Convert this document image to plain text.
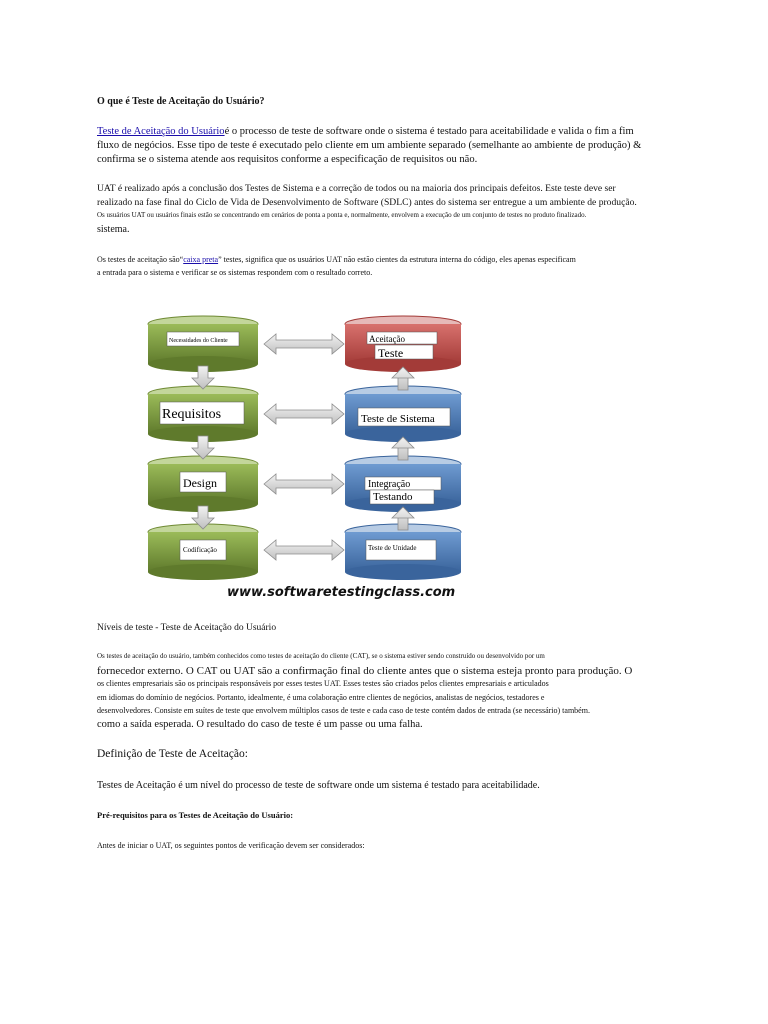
O que é Teste de Aceitação do Usuário?

Teste de Aceitação do Usuárioé o processo de teste de software onde o sistema é testado para aceitabilidade e valida o fim a fim

fluxo de negócios. Esse tipo de teste é executado pelo cliente em um ambiente separado (semelhante ao ambiente de produção) &

confirma se o sistema atende aos requisitos conforme a especificação de requisitos ou não.

UAT é realizado após a conclusão dos Testes de Sistema e a correção de todos ou na maioria dos principais defeitos. Este teste deve ser

realizado na fase final do Ciclo de Vida de Desenvolvimento de Software (SDLC) antes do sistema ser entregue a um ambiente de produção.

Os usuários UAT ou usuários finais estão se concentrando em cenários de ponta a ponta e, normalmente, envolvem a execução de um conjunto de testes no produto finalizado.

sistema.

Os testes de aceitação são“caixa preta” testes, significa que os usuários UAT não estão cientes da estrutura interna do código, eles apenas especificam

a entrada para o sistema e verificar se os sistemas respondem com o resultado correto.

Necessidades do Cliente
Requisitos
Design
Codificação
Aceitação
Teste
Teste de Sistema
Integração
Testando
Teste de Unidade
www.softwaretestingclass.com

Níveis de teste - Teste de Aceitação do Usuário

Os testes de aceitação do usuário, também conhecidos como testes de aceitação do cliente (CAT), se o sistema estiver sendo construído ou desenvolvido por um

fornecedor externo. O CAT ou UAT são a confirmação final do cliente antes que o sistema esteja pronto para produção. O

os clientes empresariais são os principais responsáveis por esses testes UAT. Esses testes são criados pelos clientes empresariais e articulados

em idiomas do domínio de negócios. Portanto, idealmente, é uma colaboração entre clientes de negócios, analistas de negócios, testadores e

desenvolvedores. Consiste em suítes de teste que envolvem múltiplos casos de teste e cada caso de teste contém dados de entrada (se necessário) também.

como a saída esperada. O resultado do caso de teste é um passe ou uma falha.

Definição de Teste de Aceitação:

Testes de Aceitação é um nível do processo de teste de software onde um sistema é testado para aceitabilidade.

Pré-requisitos para os Testes de Aceitação do Usuário:

Antes de iniciar o UAT, os seguintes pontos de verificação devem ser considerados:
